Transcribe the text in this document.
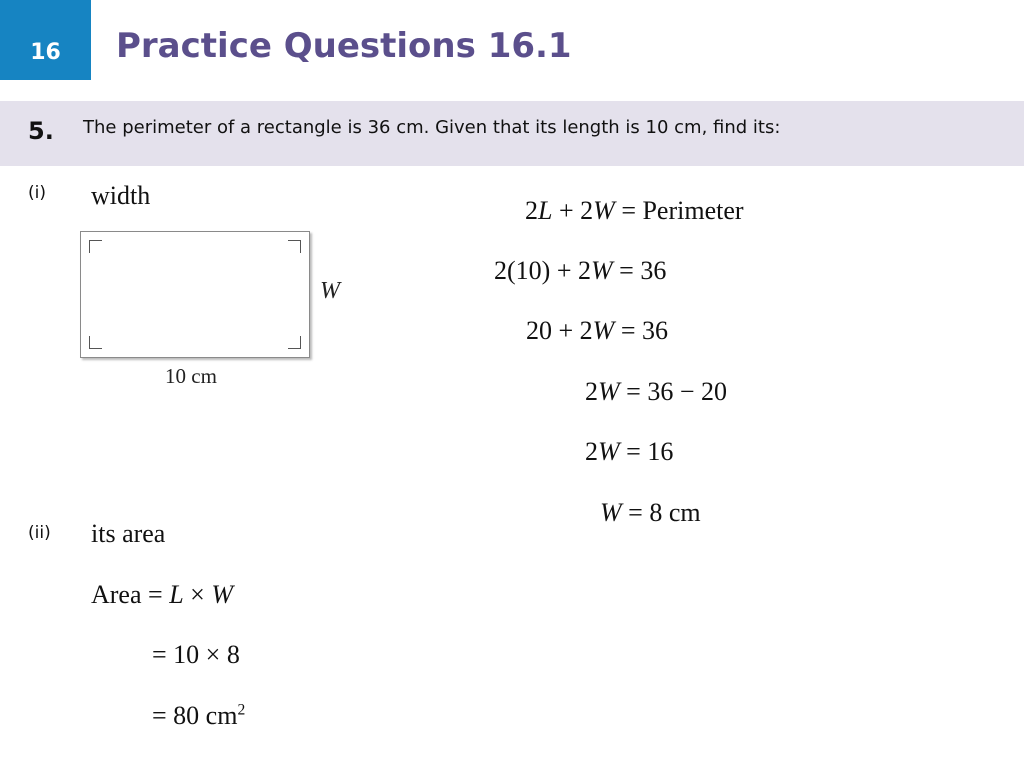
16	Practice Questions 16.1
5. The perimeter of a rectangle is 36 cm. Given that its length is 10 cm, find its:
(i) width
W
10 cm
2L + 2W = Perimeter
2(10) + 2W = 36
20 + 2W = 36
2W = 36 − 20
2W = 16
W = 8 cm
(ii) its area
Area = L × W
= 10 × 8
= 80 $cm^2$
